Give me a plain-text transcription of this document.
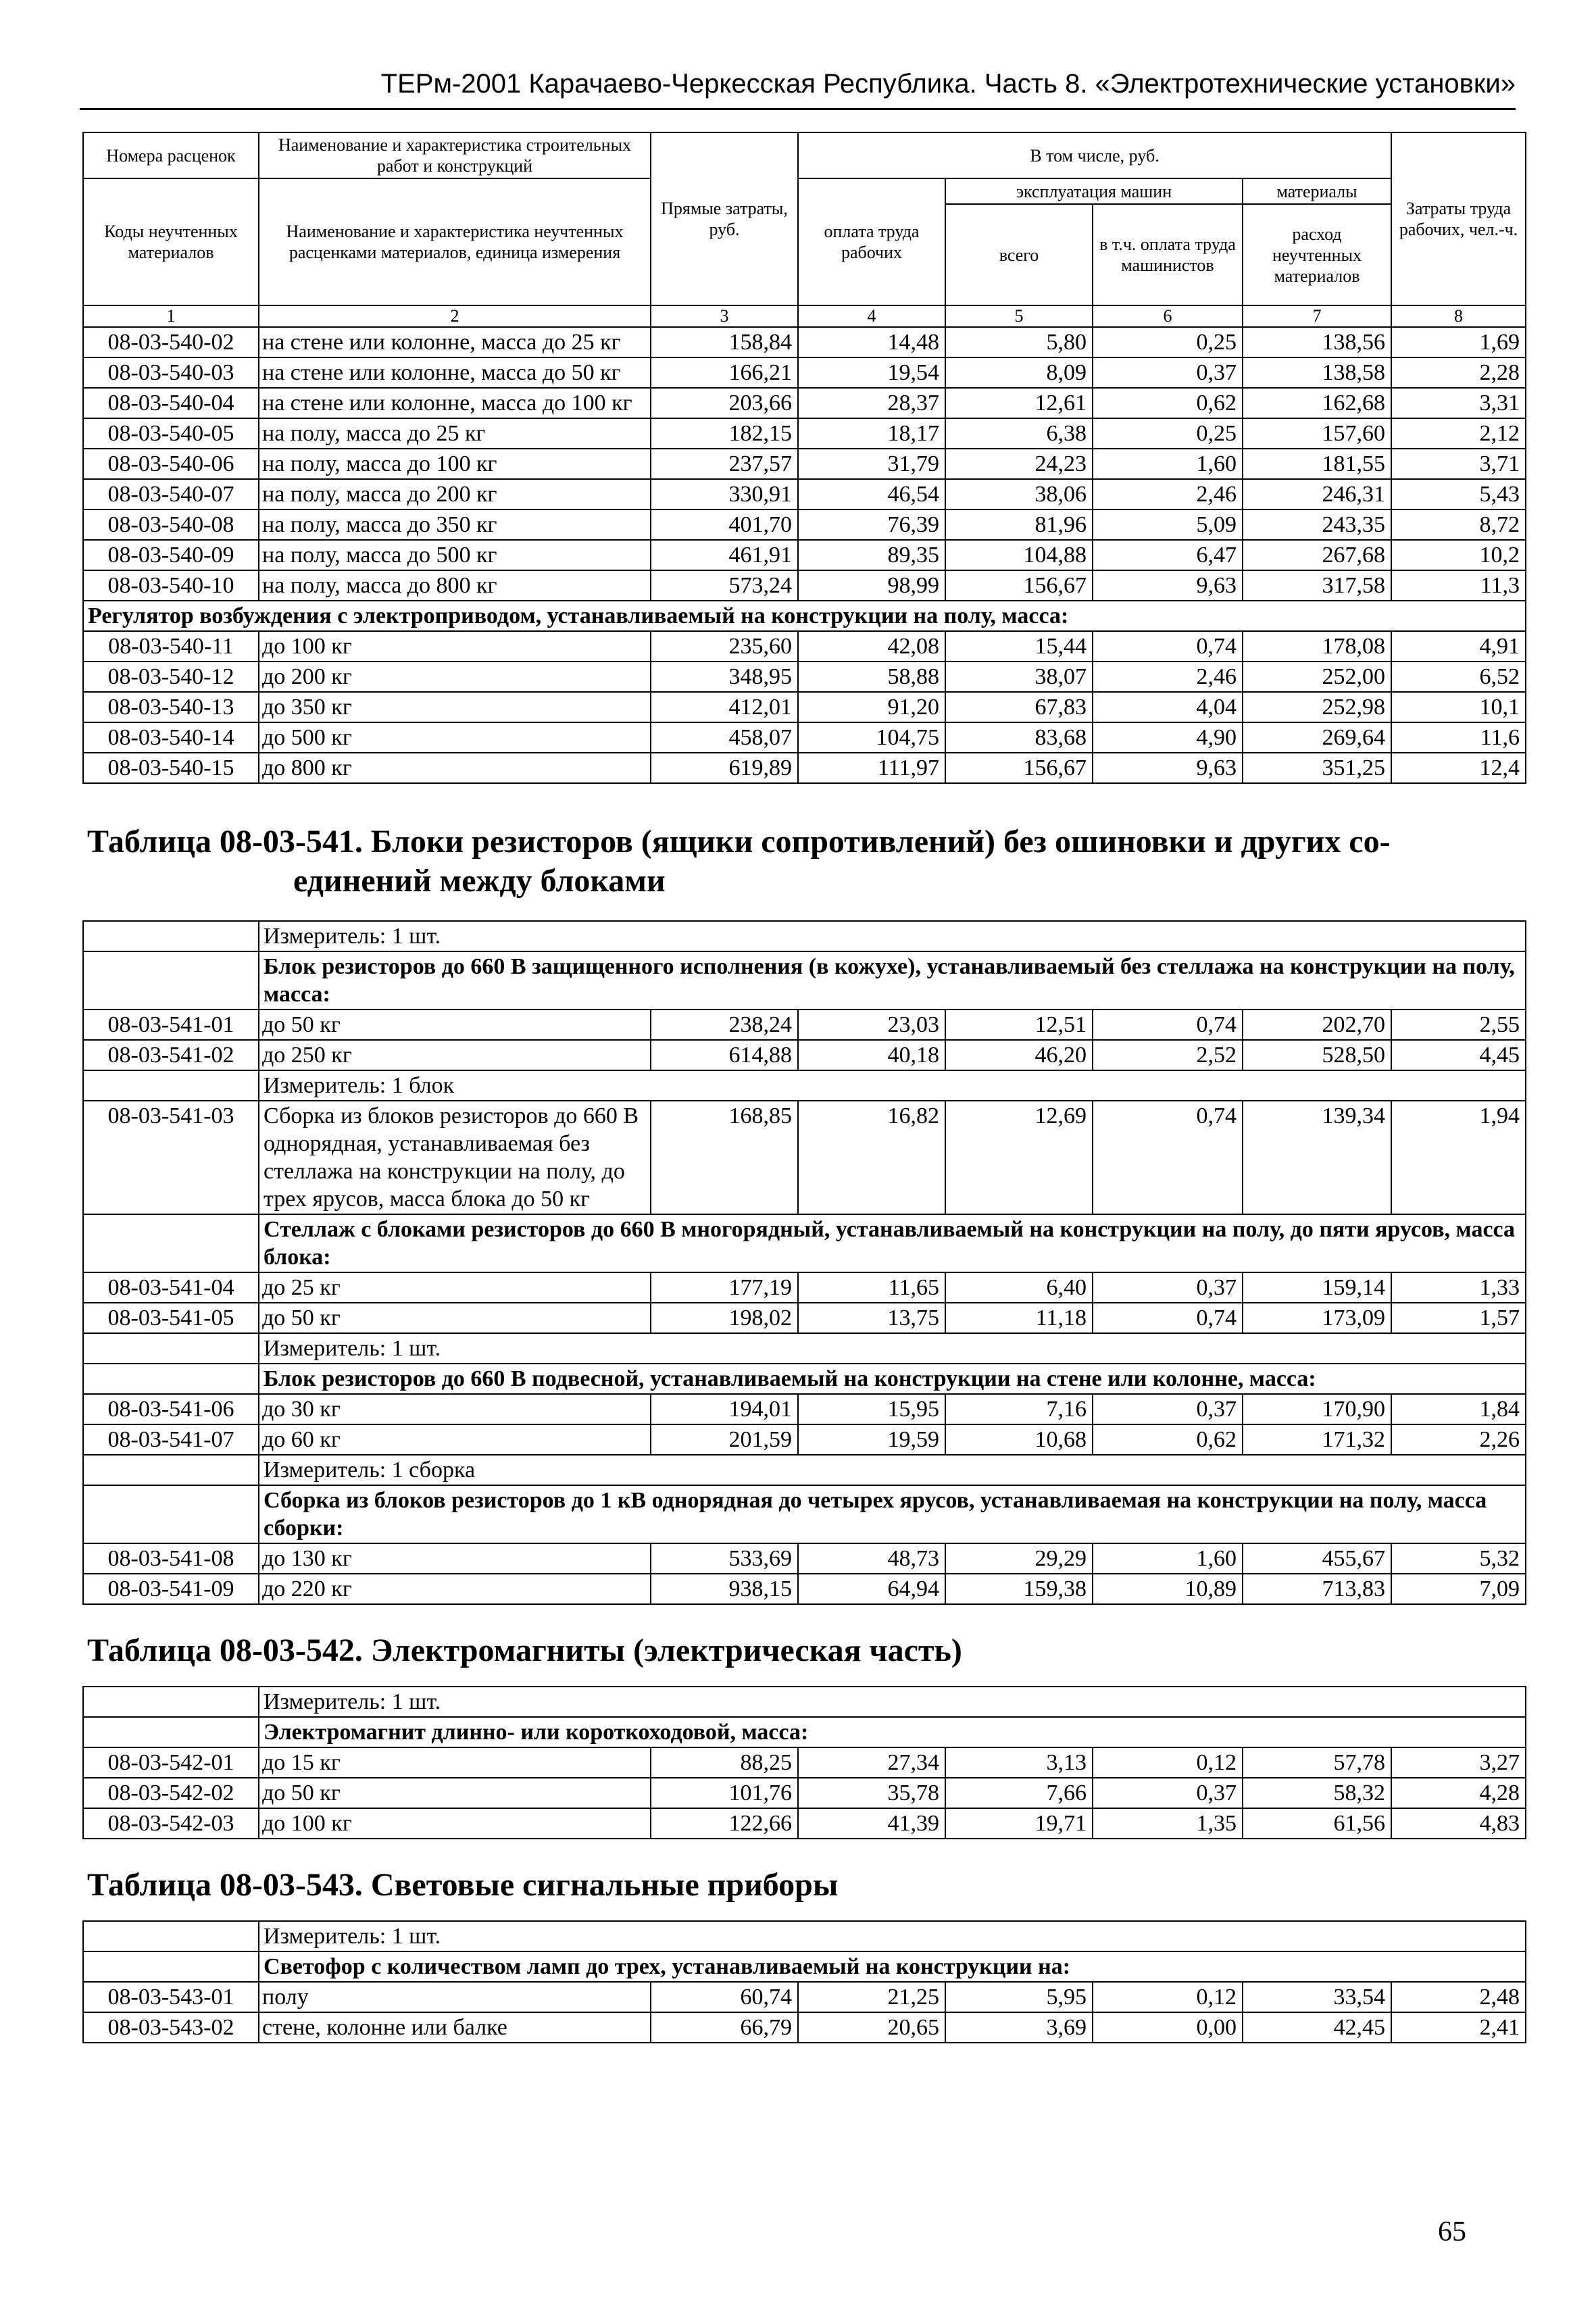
ТЕРм-2001 Карачаево-Черкесская Республика. Часть 8. «Электротехнические установки»
Номера расценок	Наименование и характеристика строительных работ и конструкций	Прямые затраты, руб.	В том числе, руб.				Затраты труда рабочих, чел.-ч.
Коды неучтенных материалов	Наименование и характеристика неучтенных расценками материалов, единица измерения		оплата труда рабочих	эксплуатация машин		материалы	
				всего	в т.ч. оплата труда машинистов	расход неучтенных материалов	
1	2	3	4	5	6	7	8
08-03-540-02	на стене или колонне, масса до 25 кг	158,84	14,48	5,80	0,25	138,56	1,69
08-03-540-03	на стене или колонне, масса до 50 кг	166,21	19,54	8,09	0,37	138,58	2,28
08-03-540-04	на стене или колонне, масса до 100 кг	203,66	28,37	12,61	0,62	162,68	3,31
08-03-540-05	на полу, масса до 25 кг	182,15	18,17	6,38	0,25	157,60	2,12
08-03-540-06	на полу, масса до 100 кг	237,57	31,79	24,23	1,60	181,55	3,71
08-03-540-07	на полу, масса до 200 кг	330,91	46,54	38,06	2,46	246,31	5,43
08-03-540-08	на полу, масса до 350 кг	401,70	76,39	81,96	5,09	243,35	8,72
08-03-540-09	на полу, масса до 500 кг	461,91	89,35	104,88	6,47	267,68	10,2
08-03-540-10	на полу, масса до 800 кг	573,24	98,99	156,67	9,63	317,58	11,3
Регулятор возбуждения с электроприводом, устанавливаемый на конструкции на полу, масса:							
08-03-540-11	до 100 кг	235,60	42,08	15,44	0,74	178,08	4,91
08-03-540-12	до 200 кг	348,95	58,88	38,07	2,46	252,00	6,52
08-03-540-13	до 350 кг	412,01	91,20	67,83	4,04	252,98	10,1
08-03-540-14	до 500 кг	458,07	104,75	83,68	4,90	269,64	11,6
08-03-540-15	до 800 кг	619,89	111,97	156,67	9,63	351,25	12,4

Таблица 08-03-541. Блоки резисторов (ящики сопротивлений) без ошиновки и других со-							
единений между блоками							

	Измеритель: 1 шт.						
	Блок резисторов до 660 В защищенного исполнения (в кожухе), устанавливаемый без стеллажа на конструкции на полу, масса:						
08-03-541-01	до 50 кг	238,24	23,03	12,51	0,74	202,70	2,55
08-03-541-02	до 250 кг	614,88	40,18	46,20	2,52	528,50	4,45
	Измеритель: 1 блок						
08-03-541-03	Сборка из блоков резисторов до 660 В однорядная, устанавливаемая без стеллажа на конструкции на полу, до трех ярусов, масса блока до 50 кг	168,85	16,82	12,69	0,74	139,34	1,94
	Стеллаж с блоками резисторов до 660 В многорядный, устанавливаемый на конструкции на полу, до пяти ярусов, масса блока:						
08-03-541-04	до 25 кг	177,19	11,65	6,40	0,37	159,14	1,33
08-03-541-05	до 50 кг	198,02	13,75	11,18	0,74	173,09	1,57
	Измеритель: 1 шт.						
	Блок резисторов до 660 В подвесной, устанавливаемый на конструкции на стене или колонне, масса:						
08-03-541-06	до 30 кг	194,01	15,95	7,16	0,37	170,90	1,84
08-03-541-07	до 60 кг	201,59	19,59	10,68	0,62	171,32	2,26
	Измеритель: 1 сборка						
	Сборка из блоков резисторов до 1 кВ однорядная до четырех ярусов, устанавливаемая на конструкции на полу, масса сборки:						
08-03-541-08	до 130 кг	533,69	48,73	29,29	1,60	455,67	5,32
08-03-541-09	до 220 кг	938,15	64,94	159,38	10,89	713,83	7,09

Таблица 08-03-542. Электромагниты (электрическая часть)							

	Измеритель: 1 шт.						
	Электромагнит длинно- или короткоходовой, масса:						
08-03-542-01	до 15 кг	88,25	27,34	3,13	0,12	57,78	3,27
08-03-542-02	до 50 кг	101,76	35,78	7,66	0,37	58,32	4,28
08-03-542-03	до 100 кг	122,66	41,39	19,71	1,35	61,56	4,83

Таблица 08-03-543. Световые сигнальные приборы							

	Измеритель: 1 шт.						
	Светофор с количеством ламп до трех, устанавливаемый на конструкции на:						
08-03-543-01	полу	60,74	21,25	5,95	0,12	33,54	2,48
08-03-543-02	стене, колонне или балке	66,79	20,65	3,69	0,00	42,45	2,41
65
